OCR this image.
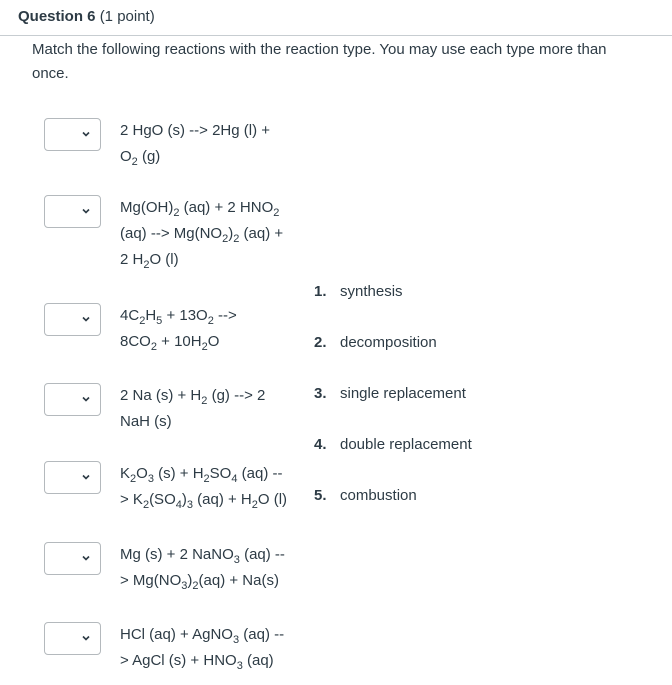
Question 6 (1 point)
Match the following reactions with the reaction type. You may use each type more than once.
2 HgO (s) --> 2Hg (l) +
$O_2$ (g)
$Mg(OH)_2$ (aq) + 2 $HNO_2$
(aq) --> $Mg(NO_2)_2$ (aq) +
2 $H_2O$ (l)
$4C_2H_5 + 13O_2$ -->
$8CO_2 + 10H_2O$
2 Na $(s) + H_2$ (g) --> 2
NaH (s)
$K_2O_3$ $(s) + H_2SO_4$ (aq) --
> $K_2(SO_4)_3$ $(aq) + H_2O$ (l)
Mg (s) + 2 NaNO$_3$ (aq) --
> $Mg(NO_3)_2(aq) + Na(s)$
HCl (aq) + AgNO$_3$ (aq) --
> AgCl $(s) + HNO_3$ (aq)
1. synthesis
2. decomposition
3. single replacement
4. double replacement
5. combustion
